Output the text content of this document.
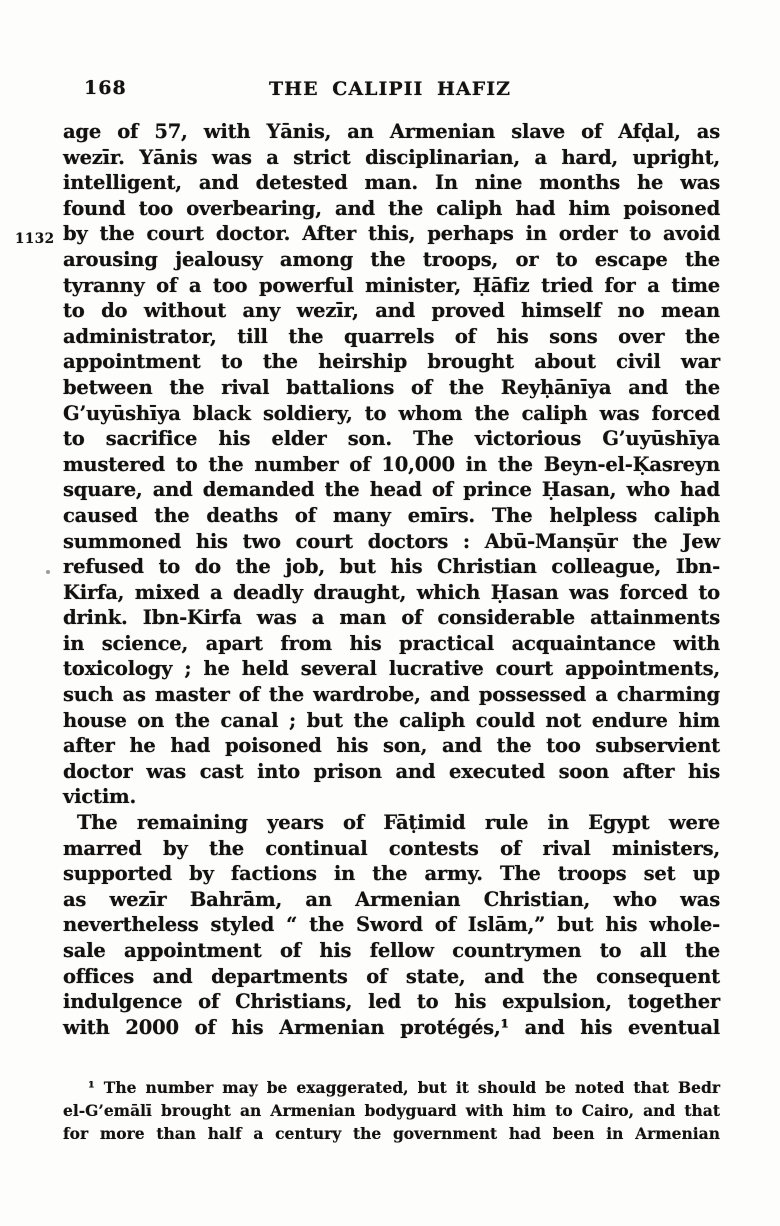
168	THE CALIPII HAFIZ
1132
age of 57, with Yānis, an Armenian slave of Afḍal, as
wezīr. Yānis was a strict disciplinarian, a hard, upright,
intelligent, and detested man. In nine months he was
found too overbearing, and the caliph had him poisoned
by the court doctor. After this, perhaps in order to avoid
arousing jealousy among the troops, or to escape the
tyranny of a too powerful minister, Ḥāfiz tried for a time
to do without any wezīr, and proved himself no mean
administrator, till the quarrels of his sons over the
appointment to the heirship brought about civil war
between the rival battalions of the Reyḥānīya and the
G’uyūshīya black soldiery, to whom the caliph was forced
to sacrifice his elder son. The victorious G’uyūshīya
mustered to the number of 10,000 in the Beyn-el-Ḳasreyn
square, and demanded the head of prince Ḥasan, who had
caused the deaths of many emīrs. The helpless caliph
summoned his two court doctors : Abū-Manṣūr the Jew
refused to do the job, but his Christian colleague, Ibn-
Kirfa, mixed a deadly draught, which Ḥasan was forced to
drink. Ibn-Kirfa was a man of considerable attainments
in science, apart from his practical acquaintance with
toxicology ; he held several lucrative court appointments,
such as master of the wardrobe, and possessed a charming
house on the canal ; but the caliph could not endure him
after he had poisoned his son, and the too subservient
doctor was cast into prison and executed soon after his
victim.
The remaining years of Fāṭimid rule in Egypt were
marred by the continual contests of rival ministers,
supported by factions in the army. The troops set up
as wezīr Bahrām, an Armenian Christian, who was
nevertheless styled “ the Sword of Islām,” but his whole-
sale appointment of his fellow countrymen to all the
offices and departments of state, and the consequent
indulgence of Christians, led to his expulsion, together
with 2000 of his Armenian protégés,¹ and his eventual
¹ The number may be exaggerated, but it should be noted that Bedr
el-G’emālī brought an Armenian bodyguard with him to Cairo, and that
for more than half a century the government had been in Armenian
